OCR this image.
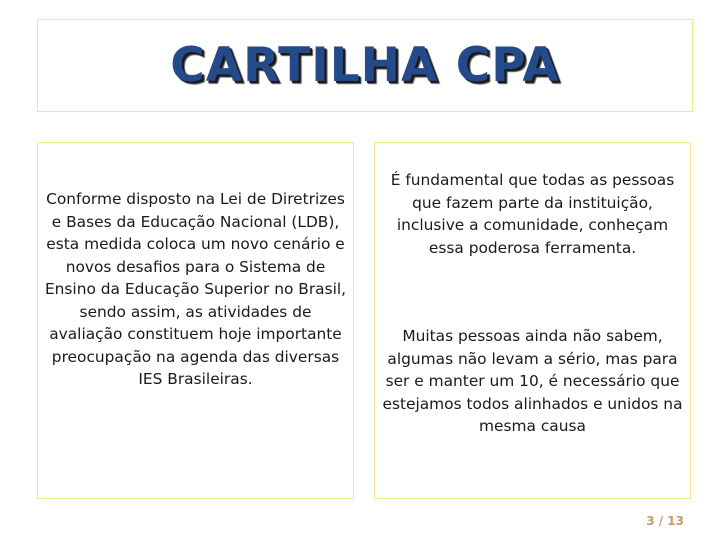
CARTILHA CPA
Conforme disposto na Lei de Diretrizes e Bases da Educação Nacional (LDB), esta medida coloca um novo cenário e novos desafios para o Sistema de Ensino da Educação Superior no Brasil, sendo assim, as atividades de avaliação constituem hoje importante preocupação na agenda das diversas IES Brasileiras.
É fundamental que todas as pessoas que fazem parte da instituição, inclusive a comunidade, conheçam essa poderosa ferramenta.
Muitas pessoas ainda não sabem, algumas não levam a sério, mas para ser e manter um 10, é necessário que estejamos todos alinhados e unidos na mesma causa
3 / 13
